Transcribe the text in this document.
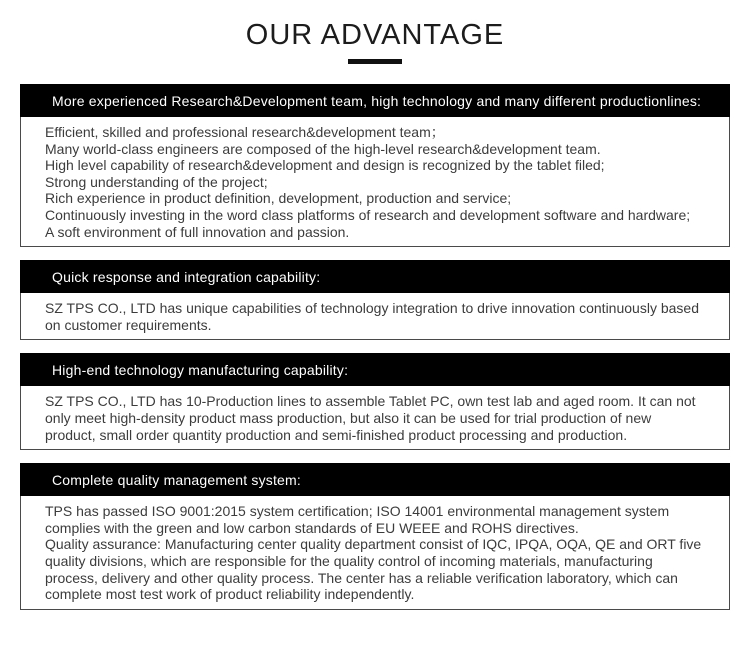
OUR ADVANTAGE
More experienced Research&Development team, high technology and many different productionlines:

Efficient, skilled and professional research&development team；

Many world-class engineers are composed of the high-level research&development team.

High level capability of research&development and design is recognized by the tablet filed;

Strong understanding of the project;

Rich experience in product definition, development, production and service;

Continuously investing in the word class platforms of research and development software and hardware;

A soft environment of full innovation and passion.

Quick response and integration capability:

SZ TPS CO., LTD has unique capabilities of technology integration to drive innovation continuously based on customer requirements.

High-end technology manufacturing capability:

SZ TPS CO., LTD has 10-Production lines to assemble Tablet PC, own test lab and aged room. It can not only meet high-density product mass production, but also it can be used for trial production of new product, small order quantity production and semi-finished product processing and production.

Complete quality management system:

TPS has passed ISO 9001:2015 system certification; ISO 14001 environmental management system complies with the green and low carbon standards of EU WEEE and ROHS directives.

Quality assurance: Manufacturing center quality department consist of IQC, IPQA, OQA, QE and ORT five quality divisions, which are responsible for the quality control of incoming materials, manufacturing process, delivery and other quality process. The center has a reliable verification laboratory, which can complete most test work of product reliability independently.
